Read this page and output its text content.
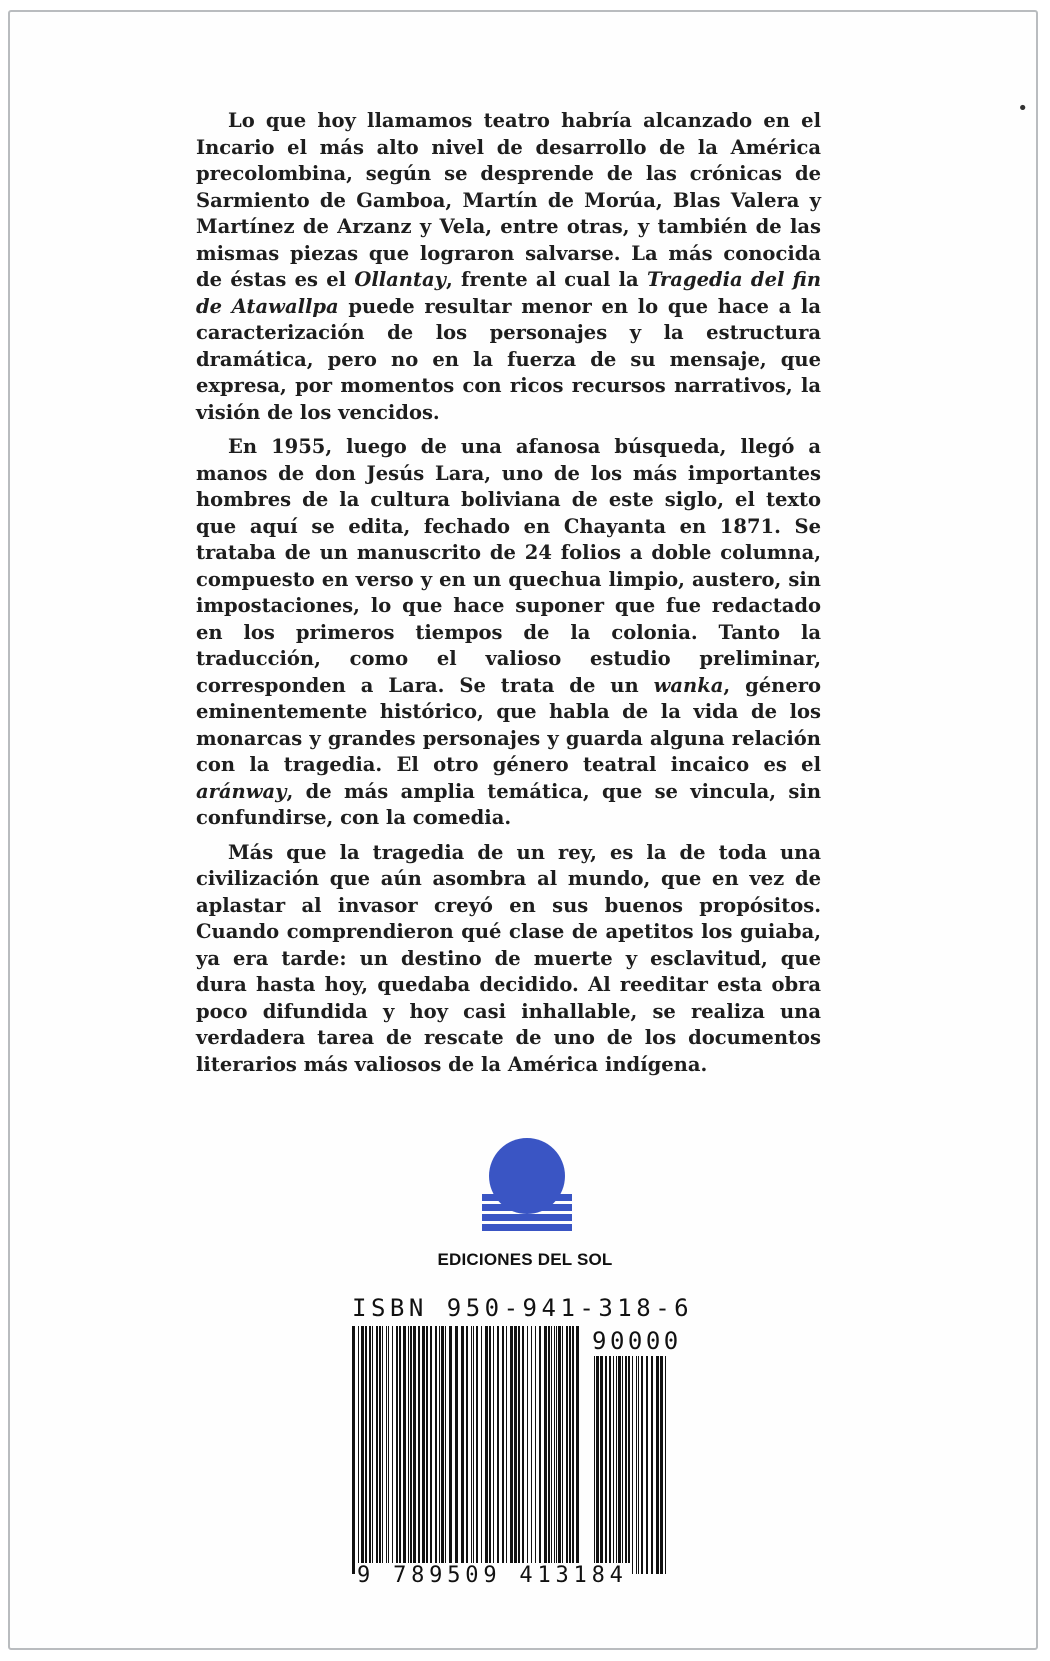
•

Lo que hoy llamamos teatro habría alcanzado en el Incario el más alto nivel de desarrollo de la América precolombina, según se desprende de las crónicas de Sarmiento de Gamboa, Martín de Morúa, Blas Valera y Martínez de Arzanz y Vela, entre otras, y también de las mismas piezas que lograron salvarse. La más conocida de éstas es el Ollantay, frente al cual la Tragedia del fin de Atawallpa puede resultar menor en lo que hace a la caracterización de los personajes y la estructura dramática, pero no en la fuerza de su mensaje, que expresa, por momentos con ricos recursos narrativos, la visión de los vencidos.

En 1955, luego de una afanosa búsqueda, llegó a manos de don Jesús Lara, uno de los más importantes hombres de la cultura boliviana de este siglo, el texto que aquí se edita, fechado en Chayanta en 1871. Se trataba de un manuscrito de 24 folios a doble columna, compuesto en verso y en un quechua limpio, austero, sin impostaciones, lo que hace suponer que fue redactado en los primeros tiempos de la colonia. Tanto la traducción, como el valioso estudio preliminar, corresponden a Lara. Se trata de un wanka, género eminentemente histórico, que habla de la vida de los monarcas y grandes personajes y guarda alguna relación con la tragedia. El otro género teatral incaico es el aránway, de más amplia temática, que se vincula, sin confundirse, con la comedia.

Más que la tragedia de un rey, es la de toda una civilización que aún asombra al mundo, que en vez de aplastar al invasor creyó en sus buenos propósitos. Cuando comprendieron qué clase de apetitos los guiaba, ya era tarde: un destino de muerte y esclavitud, que dura hasta hoy, quedaba decidido. Al reeditar esta obra poco difundida y hoy casi inhallable, se realiza una verdadera tarea de rescate de uno de los documentos literarios más valiosos de la América indígena.

EDICIONES DEL SOL
ISBN 950-941-318-6
90000
9 789509 413184
